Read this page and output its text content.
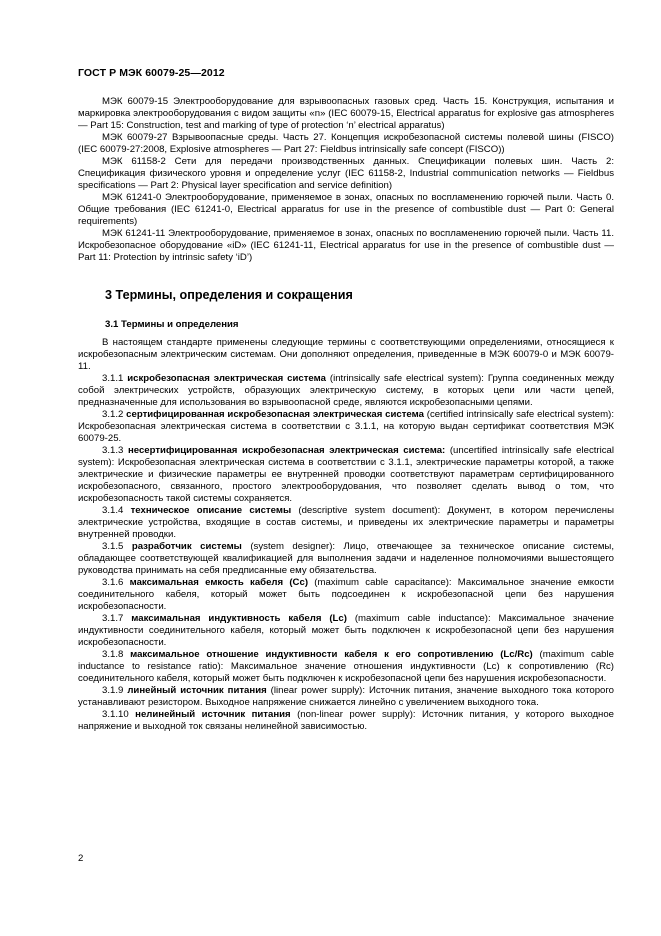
ГОСТ Р МЭК 60079-25—2012

МЭК 60079-15 Электрооборудование для взрывоопасных газовых сред. Часть 15. Конструкция, испытания и маркировка электрооборудования с видом защиты «n» (IEC 60079-15, Electrical apparatus for explosive gas atmospheres — Part 15: Construction, test and marking of type of protection ‘n’ electrical apparatus)

МЭК 60079-27 Взрывоопасные среды. Часть 27. Концепция искробезопасной системы полевой шины (FISCO) (IEC 60079-27:2008, Explosive atmospheres — Part 27: Fieldbus intrinsically safe concept (FISCO))

МЭК 61158-2 Сети для передачи производственных данных. Спецификации полевых шин. Часть 2: Спецификация физического уровня и определение услуг (IEC 61158-2, Industrial communication networks — Fieldbus specifications — Part 2: Physical layer specification and service definition)

МЭК 61241-0 Электрооборудование, применяемое в зонах, опасных по воспламенению горючей пыли. Часть 0. Общие требования (IEC 61241-0, Electrical apparatus for use in the presence of combustible dust — Part 0: General requirements)

МЭК 61241-11 Электрооборудование, применяемое в зонах, опасных по воспламенению горючей пыли. Часть 11. Искробезопасное оборудование «iD» (IEC 61241-11, Electrical apparatus for use in the presence of combustible dust — Part 11: Protection by intrinsic safety ‘iD’)

3 Термины, определения и сокращения
3.1 Термины и определения

В настоящем стандарте применены следующие термины с соответствующими определениями, относящиеся к искробезопасным электрическим системам. Они дополняют определения, приведенные в МЭК 60079-0 и МЭК 60079-11.

3.1.1 искробезопасная электрическая система (intrinsically safe electrical system): Группа соединенных между собой электрических устройств, образующих электрическую систему, в которых цепи или части цепей, предназначенные для использования во взрывоопасной среде, являются искробезопасными цепями.

3.1.2 сертифицированная искробезопасная электрическая система (certified intrinsically safe electrical system): Искробезопасная электрическая система в соответствии с 3.1.1, на которую выдан сертификат соответствия МЭК 60079-25.

3.1.3 несертифицированная искробезопасная электрическая система: (uncertified intrinsically safe electrical system): Искробезопасная электрическая система в соответствии с 3.1.1, электрические параметры которой, а также электрические и физические параметры ее внутренней проводки соответствуют параметрам сертифицированного искробезопасного, связанного, простого электрооборудования, что позволяет сделать вывод о том, что искробезопасность такой системы сохраняется.

3.1.4 техническое описание системы (descriptive system document): Документ, в котором перечислены электрические устройства, входящие в состав системы, и приведены их электрические параметры и параметры внутренней проводки.

3.1.5 разработчик системы (system designer): Лицо, отвечающее за техническое описание системы, обладающее соответствующей квалификацией для выполнения задачи и наделенное полномочиями вышестоящего руководства принимать на себя предписанные ему обязательства.

3.1.6 максимальная емкость кабеля (Cc) (maximum cable capacitance): Максимальное значение емкости соединительного кабеля, который может быть подсоединен к искробезопасной цепи без нарушения искробезопасности.

3.1.7 максимальная индуктивность кабеля (Lc) (maximum cable inductance): Максимальное значение индуктивности соединительного кабеля, который может быть подключен к искробезопасной цепи без нарушения искробезопасности.

3.1.8 максимальное отношение индуктивности кабеля к его сопротивлению (Lc/Rc) (maximum cable inductance to resistance ratio): Максимальное значение отношения индуктивности (Lc) к сопротивлению (Rc) соединительного кабеля, который может быть подключен к искробезопасной цепи без нарушения искробезопасности.

3.1.9 линейный источник питания (linear power supply): Источник питания, значение выходного тока которого устанавливают резистором. Выходное напряжение снижается линейно с увеличением выходного тока.

3.1.10 нелинейный источник питания (non-linear power supply): Источник питания, у которого выходное напряжение и выходной ток связаны нелинейной зависимостью.

2
